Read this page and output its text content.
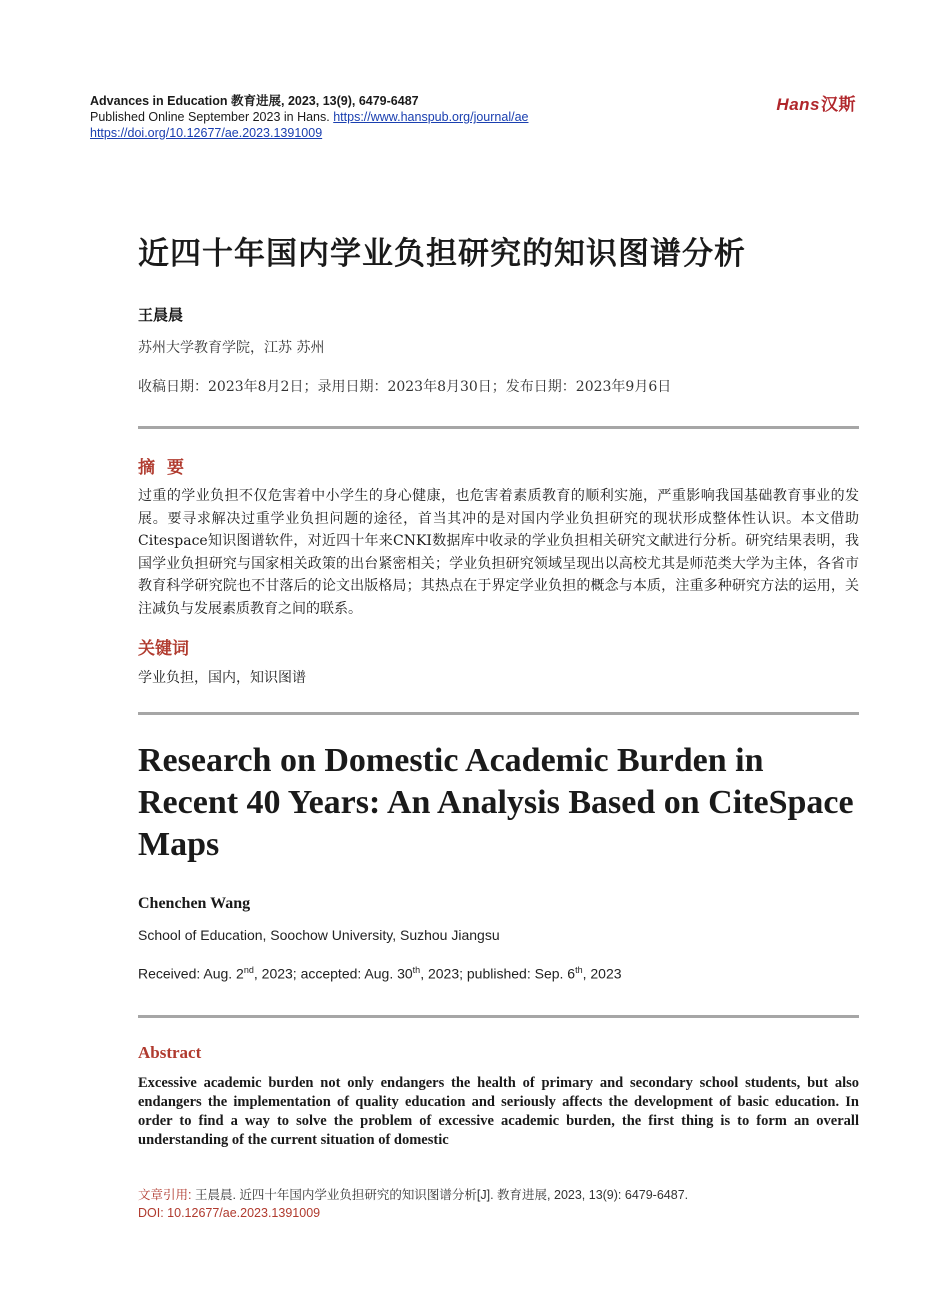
Advances in Education 教育进展, 2023, 13(9), 6479-6487
Published Online September 2023 in Hans. https://www.hanspub.org/journal/ae
https://doi.org/10.12677/ae.2023.1391009
Hans汉斯
近四十年国内学业负担研究的知识图谱分析
王晨晨
苏州大学教育学院，江苏 苏州
收稿日期：2023年8月2日；录用日期：2023年8月30日；发布日期：2023年9月6日
摘要
过重的学业负担不仅危害着中小学生的身心健康，也危害着素质教育的顺利实施，严重影响我国基础教育事业的发展。要寻求解决过重学业负担问题的途径，首当其冲的是对国内学业负担研究的现状形成整体性认识。本文借助Citespace知识图谱软件，对近四十年来CNKI数据库中收录的学业负担相关研究文献进行分析。研究结果表明，我国学业负担研究与国家相关政策的出台紧密相关；学业负担研究领域呈现出以高校尤其是师范类大学为主体，各省市教育科学研究院也不甘落后的论文出版格局；其热点在于界定学业负担的概念与本质，注重多种研究方法的运用，关注减负与发展素质教育之间的联系。
关键词
学业负担，国内，知识图谱
Research on Domestic Academic Burden in Recent 40 Years: An Analysis Based on CiteSpace Maps
Chenchen Wang
School of Education, Soochow University, Suzhou Jiangsu
Received: Aug. 2nd, 2023; accepted: Aug. 30th, 2023; published: Sep. 6th, 2023
Abstract
Excessive academic burden not only endangers the health of primary and secondary school students, but also endangers the implementation of quality education and seriously affects the development of basic education. In order to find a way to solve the problem of excessive academic burden, the first thing is to form an overall understanding of the current situation of domestic
文章引用: 王晨晨. 近四十年国内学业负担研究的知识图谱分析[J]. 教育进展, 2023, 13(9): 6479-6487.
DOI: 10.12677/ae.2023.1391009
